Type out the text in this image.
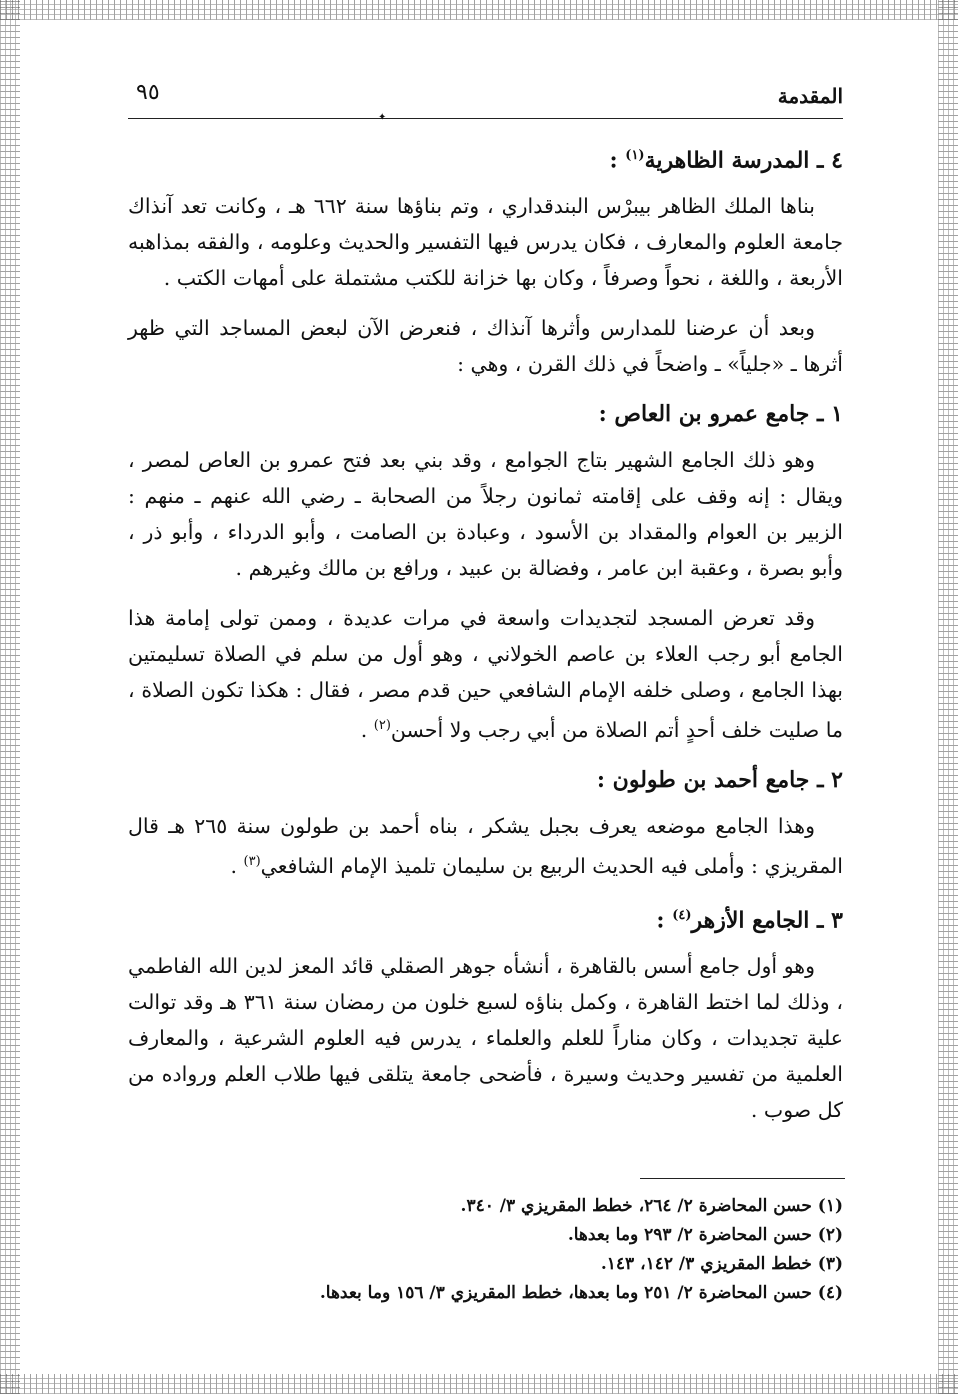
٩٥	المقدمة
✦
٤ ـ المدرسة الظاهرية$^{(١)}$ :

بناها الملك الظاهر بيبرْس البندقداري ، وتم بناؤها سنة ٦٦٢ هـ ، وكانت تعد آنذاك جامعة العلوم والمعارف ، فكان يدرس فيها التفسير والحديث وعلومه ، والفقه بمذاهبه الأربعة ، واللغة ، نحواً وصرفاً ، وكان بها خزانة للكتب مشتملة على أمهات الكتب .

وبعد أن عرضنا للمدارس وأثرها آنذاك ، فنعرض الآن لبعض المساجد التي ظهر أثرها ـ «جلياً» ـ واضحاً في ذلك القرن ، وهي :

١ ـ جامع عمرو بن العاص :

وهو ذلك الجامع الشهير بتاج الجوامع ، وقد بني بعد فتح عمرو بن العاص لمصر ، ويقال : إنه وقف على إقامته ثمانون رجلاً من الصحابة ـ رضي الله عنهم ـ منهم : الزبير بن العوام والمقداد بن الأسود ، وعبادة بن الصامت ، وأبو الدرداء ، وأبو ذر ، وأبو بصرة ، وعقبة ابن عامر ، وفضالة بن عبيد ، ورافع بن مالك وغيرهم .

وقد تعرض المسجد لتجديدات واسعة في مرات عديدة ، وممن تولى إمامة هذا الجامع أبو رجب العلاء بن عاصم الخولاني ، وهو أول من سلم في الصلاة تسليمتين بهذا الجامع ، وصلى خلفه الإمام الشافعي حين قدم مصر ، فقال : هكذا تكون الصلاة ، ما صليت خلف أحدٍ أتم الصلاة من أبي رجب ولا أحسن$^{(٢)}$ .

٢ ـ جامع أحمد بن طولون :

وهذا الجامع موضعه يعرف بجبل يشكر ، بناه أحمد بن طولون سنة ٢٦٥ هـ قال المقريزي : وأملى فيه الحديث الربيع بن سليمان تلميذ الإمام الشافعي$^{(٣)}$ .

٣ ـ الجامع الأزهر$^{(٤)}$ :

وهو أول جامع أسس بالقاهرة ، أنشأه جوهر الصقلي قائد المعز لدين الله الفاطمي ، وذلك لما اختط القاهرة ، وكمل بناؤه لسبع خلون من رمضان سنة ٣٦١ هـ وقد توالت علية تجديدات ، وكان مناراً للعلم والعلماء ، يدرس فيه العلوم الشرعية ، والمعارف العلمية من تفسير وحديث وسيرة ، فأضحى جامعة يتلقى فيها طلاب العلم ورواده من كل صوب .

(١) حسن المحاضرة ٢/ ٢٦٤، خطط المقريزي ٣/ ٣٤٠.

(٢) حسن المحاضرة ٢/ ٢٩٣ وما بعدها.

(٣) خطط المقريزي ٣/ ١٤٢، ١٤٣.

(٤) حسن المحاضرة ٢/ ٢٥١ وما بعدها، خطط المقريزي ٣/ ١٥٦ وما بعدها.
